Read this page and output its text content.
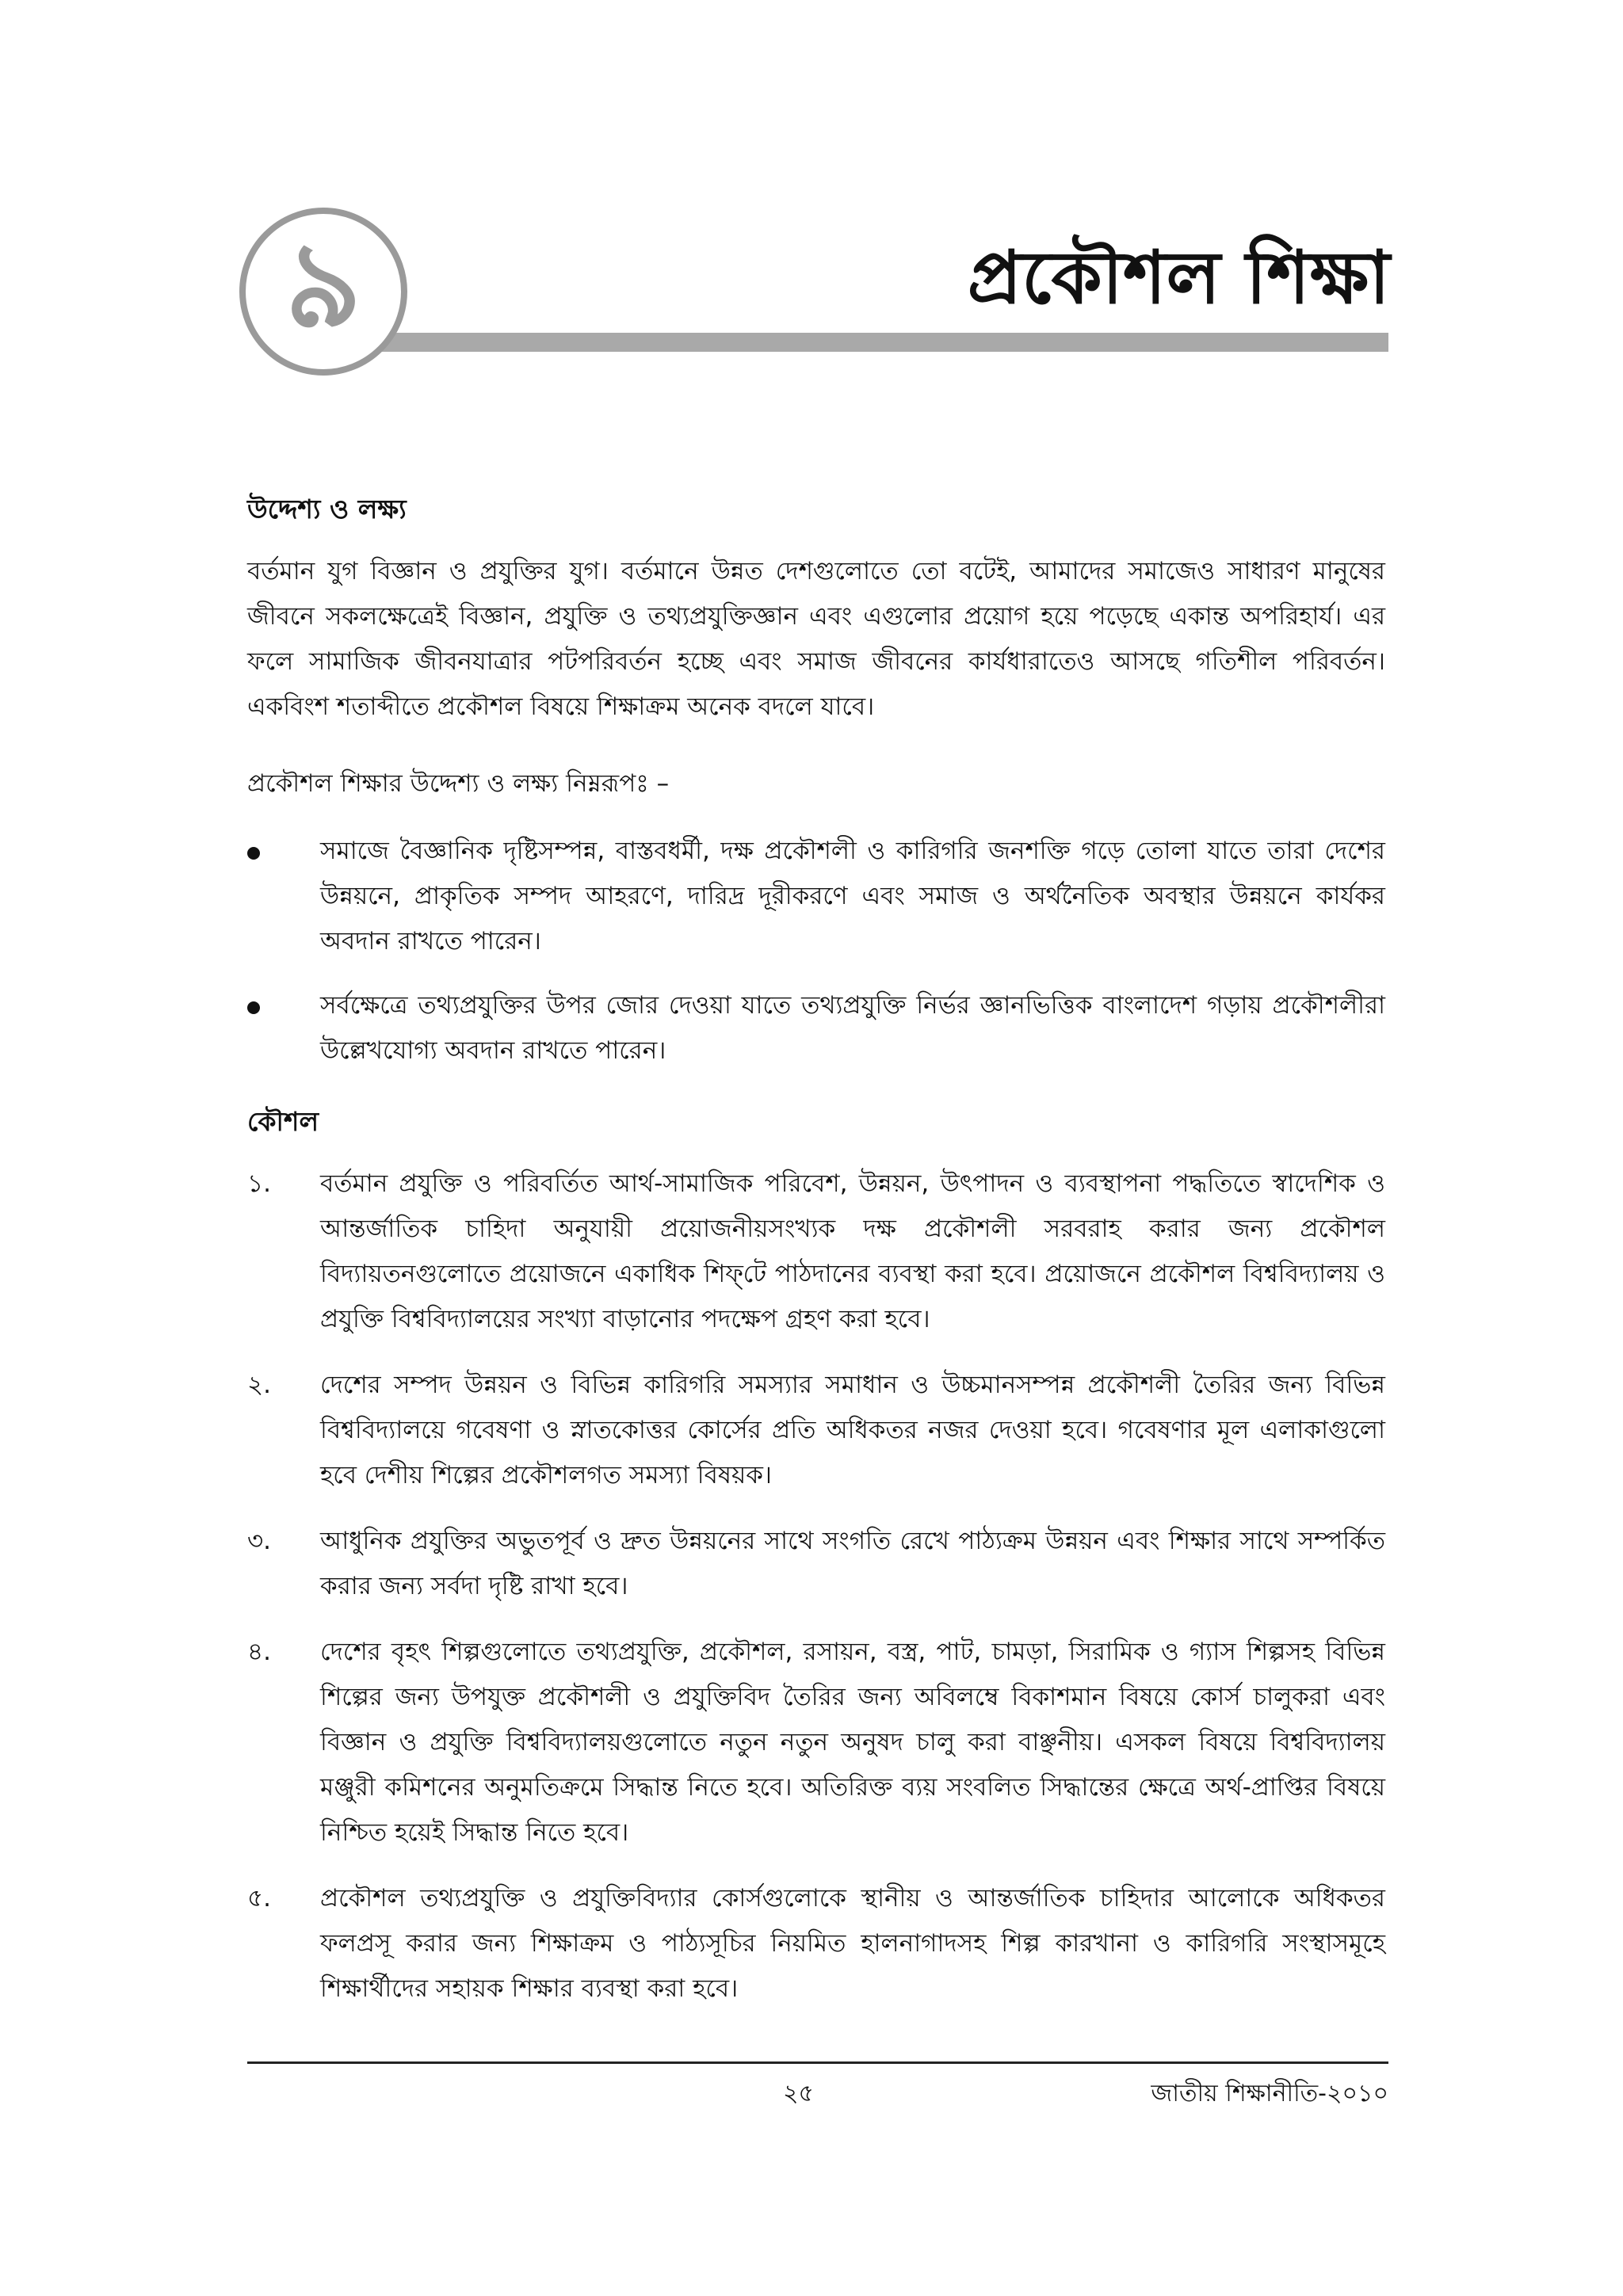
৯	প্রকৌশল শিক্ষা
উদ্দেশ্য ও লক্ষ্য

বর্তমান যুগ বিজ্ঞান ও প্রযুক্তির যুগ। বর্তমানে উন্নত দেশগুলোতে তো বটেই, আমাদের সমাজেও সাধারণ মানুষের জীবনে সকলক্ষেত্রেই বিজ্ঞান, প্রযুক্তি ও তথ্যপ্রযুক্তিজ্ঞান এবং এগুলোর প্রয়োগ হয়ে পড়েছে একান্ত অপরিহার্য। এর ফলে সামাজিক জীবনযাত্রার পটপরিবর্তন হচ্ছে এবং সমাজ জীবনের কার্যধারাতেও আসছে গতিশীল পরিবর্তন। একবিংশ শতাব্দীতে প্রকৌশল বিষয়ে শিক্ষাক্রম অনেক বদলে যাবে।

প্রকৌশল শিক্ষার উদ্দেশ্য ও লক্ষ্য নিম্নরূপঃ –

সমাজে বৈজ্ঞানিক দৃষ্টিসম্পন্ন, বাস্তবধর্মী, দক্ষ প্রকৌশলী ও কারিগরি জনশক্তি গড়ে তোলা যাতে তারা দেশের উন্নয়নে, প্রাকৃতিক সম্পদ আহরণে, দারিদ্র দূরীকরণে এবং সমাজ ও অর্থনৈতিক অবস্থার উন্নয়নে কার্যকর অবদান রাখতে পারেন।
সর্বক্ষেত্রে তথ্যপ্রযুক্তির উপর জোর দেওয়া যাতে তথ্যপ্রযুক্তি নির্ভর জ্ঞানভিত্তিক বাংলাদেশ গড়ায় প্রকৌশলীরা উল্লেখযোগ্য অবদান রাখতে পারেন।
কৌশল
১. বর্তমান প্রযুক্তি ও পরিবর্তিত আর্থ-সামাজিক পরিবেশ, উন্নয়ন, উৎপাদন ও ব্যবস্থাপনা পদ্ধতিতে স্বাদেশিক ও আন্তর্জাতিক চাহিদা অনুযায়ী প্রয়োজনীয়সংখ্যক দক্ষ প্রকৌশলী সরবরাহ করার জন্য প্রকৌশল বিদ্যায়তনগুলোতে প্রয়োজনে একাধিক শিফ্‌টে পাঠদানের ব্যবস্থা করা হবে। প্রয়োজনে প্রকৌশল বিশ্ববিদ্যালয় ও প্রযুক্তি বিশ্ববিদ্যালয়ের সংখ্যা বাড়ানোর পদক্ষেপ গ্রহণ করা হবে।
২. দেশের সম্পদ উন্নয়ন ও বিভিন্ন কারিগরি সমস্যার সমাধান ও উচ্চমানসম্পন্ন প্রকৌশলী তৈরির জন্য বিভিন্ন বিশ্ববিদ্যালয়ে গবেষণা ও স্নাতকোত্তর কোর্সের প্রতি অধিকতর নজর দেওয়া হবে। গবেষণার মূল এলাকাগুলো হবে দেশীয় শিল্পের প্রকৌশলগত সমস্যা বিষয়ক।
৩. আধুনিক প্রযুক্তির অভুতপূর্ব ও দ্রুত উন্নয়নের সাথে সংগতি রেখে পাঠ্যক্রম উন্নয়ন এবং শিক্ষার সাথে সম্পর্কিত করার জন্য সর্বদা দৃষ্টি রাখা হবে।
৪. দেশের বৃহৎ শিল্পগুলোতে তথ্যপ্রযুক্তি, প্রকৌশল, রসায়ন, বস্ত্র, পাট, চামড়া, সিরামিক ও গ্যাস শিল্পসহ বিভিন্ন শিল্পের জন্য উপযুক্ত প্রকৌশলী ও প্রযুক্তিবিদ তৈরির জন্য অবিলম্বে বিকাশমান বিষয়ে কোর্স চালুকরা এবং বিজ্ঞান ও প্রযুক্তি বিশ্ববিদ্যালয়গুলোতে নতুন নতুন অনুষদ চালু করা বাঞ্ছনীয়। এসকল বিষয়ে বিশ্ববিদ্যালয় মঞ্জুরী কমিশনের অনুমতিক্রমে সিদ্ধান্ত নিতে হবে। অতিরিক্ত ব্যয় সংবলিত সিদ্ধান্তের ক্ষেত্রে অর্থ-প্রাপ্তির বিষয়ে নিশ্চিত হয়েই সিদ্ধান্ত নিতে হবে।
৫. প্রকৌশল তথ্যপ্রযুক্তি ও প্রযুক্তিবিদ্যার কোর্সগুলোকে স্থানীয় ও আন্তর্জাতিক চাহিদার আলোকে অধিকতর ফলপ্রসূ করার জন্য শিক্ষাক্রম ও পাঠ্যসূচির নিয়মিত হালনাগাদসহ শিল্প কারখানা ও কারিগরি সংস্থাসমূহে শিক্ষার্থীদের সহায়ক শিক্ষার ব্যবস্থা করা হবে।
২৫	জাতীয় শিক্ষানীতি-২০১০
